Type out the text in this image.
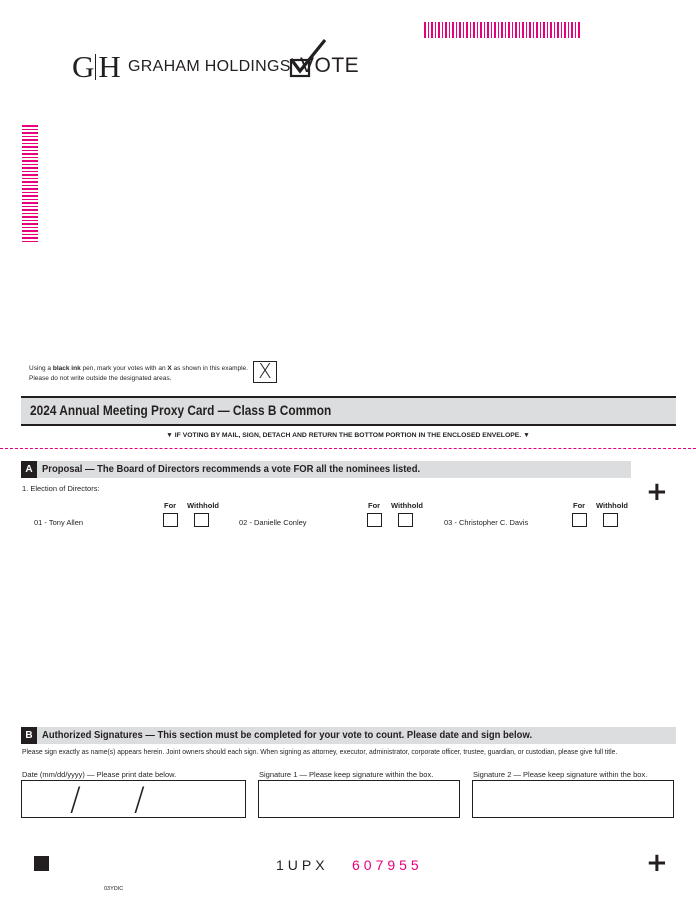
G H GRAHAM HOLDINGS VOTE
Using a black ink pen, mark your votes with an X as shown in this example.
Please do not write outside the designated areas.	X
2024 Annual Meeting Proxy Card — Class B Common
▼ IF VOTING BY MAIL, SIGN, DETACH AND RETURN THE BOTTOM PORTION IN THE ENCLOSED ENVELOPE. ▼
A Proposal — The Board of Directors recommends a vote FOR all the nominees listed.
+
1. Election of Directors:
For Withhold
01 - Tony Allen
For Withhold
02 - Danielle Conley
For Withhold
03 - Christopher C. Davis
B Authorized Signatures — This section must be completed for your vote to count. Please date and sign below.
Please sign exactly as name(s) appears herein. Joint owners should each sign. When signing as attorney, executor, administrator, corporate officer, trustee, guardian, or custodian, please give full title.
Date (mm/dd/yyyy) — Please print date below.	Signature 1 — Please keep signature within the box.	Signature 2 — Please keep signature within the box.
/ /
1UPX 607955	+
03YDIC
